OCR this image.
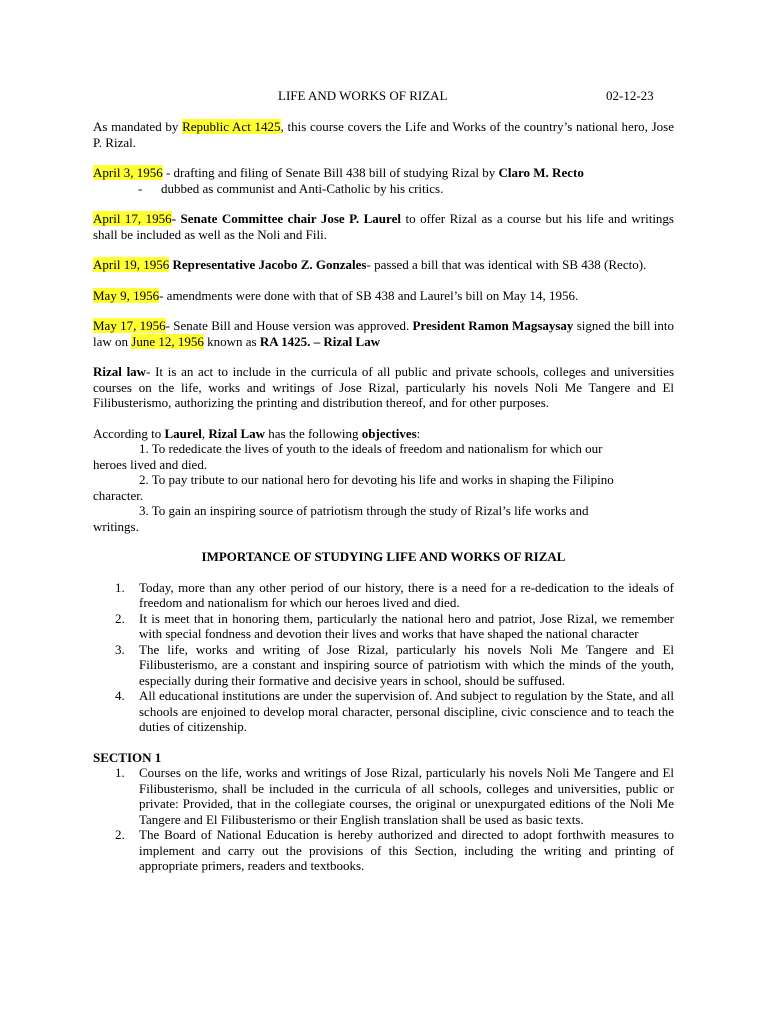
LIFE AND WORKS OF RIZAL	02-12-23

As mandated by Republic Act 1425, this course covers the Life and Works of the country’s national hero, Jose P. Rizal.

April 3, 1956 - drafting and filing of Senate Bill 438 bill of studying Rizal by Claro M. Recto

- dubbed as communist and Anti-Catholic by his critics.

April 17, 1956- Senate Committee chair Jose P. Laurel to offer Rizal as a course but his life and writings shall be included as well as the Noli and Fili.

April 19, 1956 Representative Jacobo Z. Gonzales- passed a bill that was identical with SB 438 (Recto).

May 9, 1956- amendments were done with that of SB 438 and Laurel’s bill on May 14, 1956.

May 17, 1956- Senate Bill and House version was approved. President Ramon Magsaysay signed the bill into law on June 12, 1956 known as RA 1425. – Rizal Law

Rizal law- It is an act to include in the curricula of all public and private schools, colleges and universities courses on the life, works and writings of Jose Rizal, particularly his novels Noli Me Tangere and El Filibusterismo, authorizing the printing and distribution thereof, and for other purposes.

According to Laurel, Rizal Law has the following objectives:

1. To rededicate the lives of youth to the ideals of freedom and nationalism for which our
heroes lived and died.
2. To pay tribute to our national hero for devoting his life and works in shaping the Filipino
character.
3. To gain an inspiring source of patriotism through the study of Rizal’s life works and
writings.

IMPORTANCE OF STUDYING LIFE AND WORKS OF RIZAL

1. Today, more than any other period of our history, there is a need for a re-dedication to the ideals of freedom and nationalism for which our heroes lived and died.
2. It is meet that in honoring them, particularly the national hero and patriot, Jose Rizal, we remember with special fondness and devotion their lives and works that have shaped the national character
3. The life, works and writing of Jose Rizal, particularly his novels Noli Me Tangere and El Filibusterismo, are a constant and inspiring source of patriotism with which the minds of the youth, especially during their formative and decisive years in school, should be suffused.
4. All educational institutions are under the supervision of. And subject to regulation by the State, and all schools are enjoined to develop moral character, personal discipline, civic conscience and to teach the duties of citizenship.

SECTION 1

1. Courses on the life, works and writings of Jose Rizal, particularly his novels Noli Me Tangere and El Filibusterismo, shall be included in the curricula of all schools, colleges and universities, public or private: Provided, that in the collegiate courses, the original or unexpurgated editions of the Noli Me Tangere and El Filibusterismo or their English translation shall be used as basic texts.
2. The Board of National Education is hereby authorized and directed to adopt forthwith measures to implement and carry out the provisions of this Section, including the writing and printing of appropriate primers, readers and textbooks.
